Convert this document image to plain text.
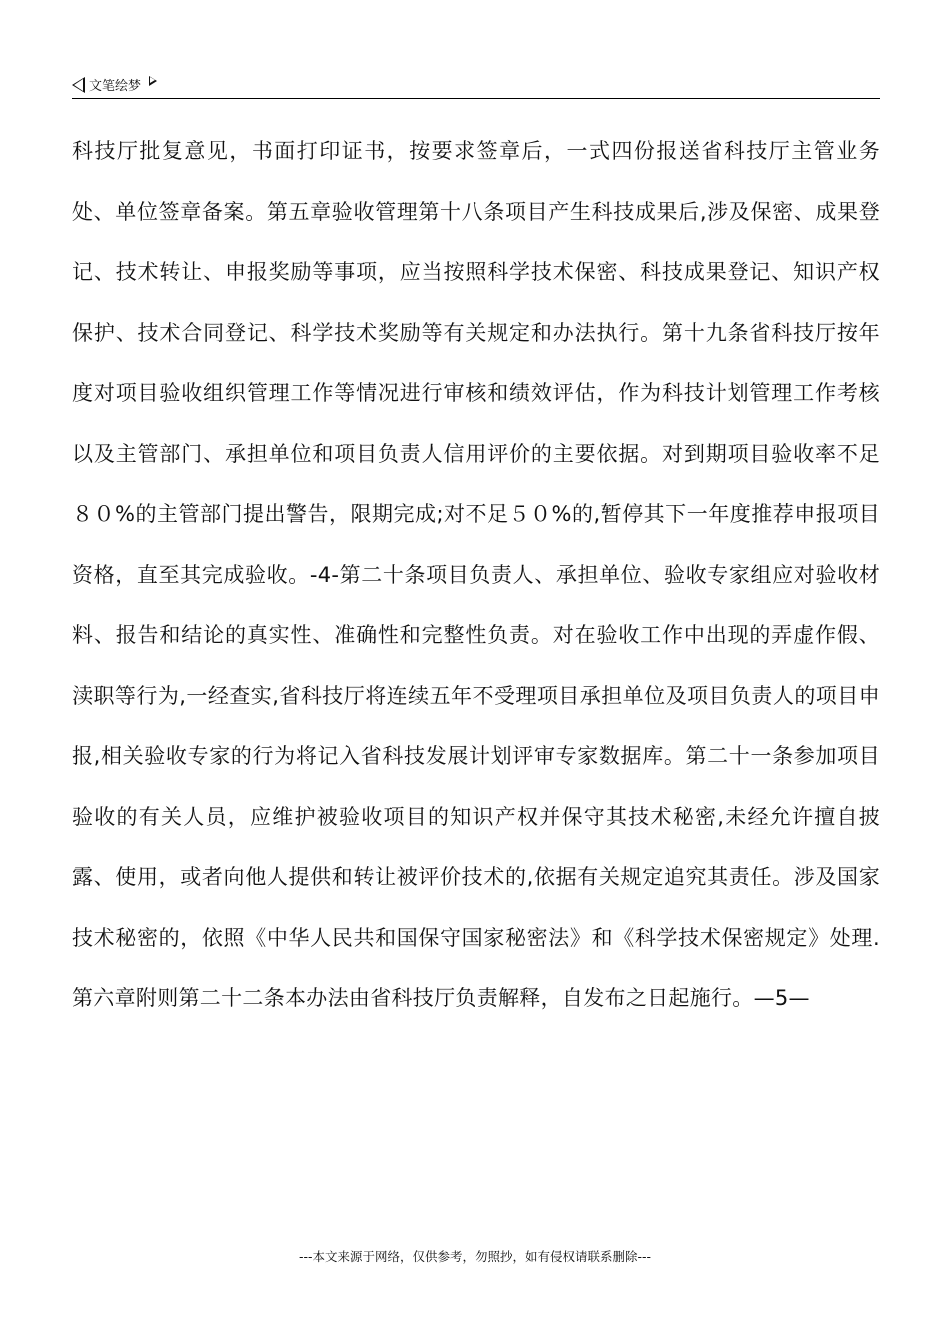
文笔绘梦

科技厅批复意见，书面打印证书，按要求签章后，一式四份报送省科技厅主管业务处、单位签章备案。第五章验收管理第十八条项目产生科技成果后,涉及保密、成果登记、技术转让、申报奖励等事项，应当按照科学技术保密、科技成果登记、知识产权保护、技术合同登记、科学技术奖励等有关规定和办法执行。第十九条省科技厅按年度对项目验收组织管理工作等情况进行审核和绩效评估，作为科技计划管理工作考核以及主管部门、承担单位和项目负责人信用评价的主要依据。对到期项目验收率不足８０%的主管部门提出警告，限期完成;对不足５０%的,暂停其下一年度推荐申报项目资格，直至其完成验收。-4-第二十条项目负责人、承担单位、验收专家组应对验收材料、报告和结论的真实性、准确性和完整性负责。对在验收工作中出现的弄虚作假、渎职等行为,一经查实,省科技厅将连续五年不受理项目承担单位及项目负责人的项目申报,相关验收专家的行为将记入省科技发展计划评审专家数据库。第二十一条参加项目验收的有关人员，应维护被验收项目的知识产权并保守其技术秘密,未经允许擅自披露、使用，或者向他人提供和转让被评价技术的,依据有关规定追究其责任。涉及国家技术秘密的，依照《中华人民共和国保守国家秘密法》和《科学技术保密规定》处理.第六章附则第二十二条本办法由省科技厅负责解释，自发布之日起施行。—5—

---本文来源于网络，仅供参考，勿照抄，如有侵权请联系删除---
